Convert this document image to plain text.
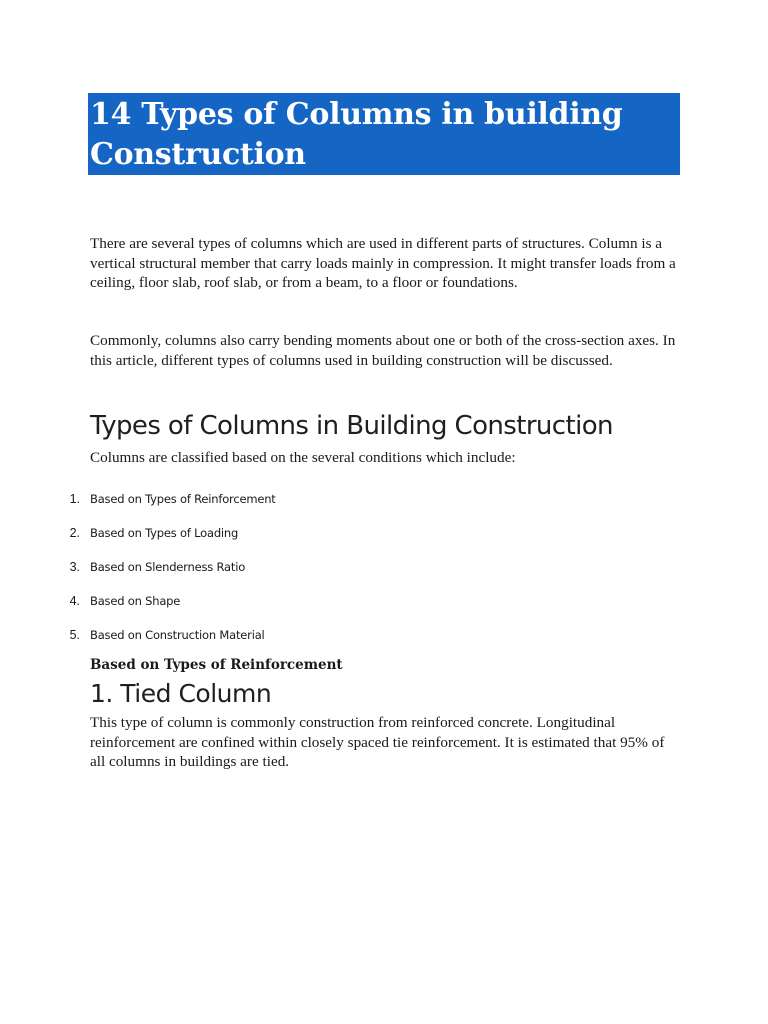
14 Types of Columns in building Construction

There are several types of columns which are used in different parts of structures. Column is a vertical structural member that carry loads mainly in compression. It might transfer loads from a ceiling, floor slab, roof slab, or from a beam, to a floor or foundations.

Commonly, columns also carry bending moments about one or both of the cross-section axes. In this article, different types of columns used in building construction will be discussed.

Types of Columns in Building Construction

Columns are classified based on the several conditions which include:

1. Based on Types of Reinforcement
2. Based on Types of Loading
3. Based on Slenderness Ratio
4. Based on Shape
5. Based on Construction Material
Based on Types of Reinforcement
1. Tied Column

This type of column is commonly construction from reinforced concrete. Longitudinal reinforcement are confined within closely spaced tie reinforcement. It is estimated that 95% of all columns in buildings are tied.
